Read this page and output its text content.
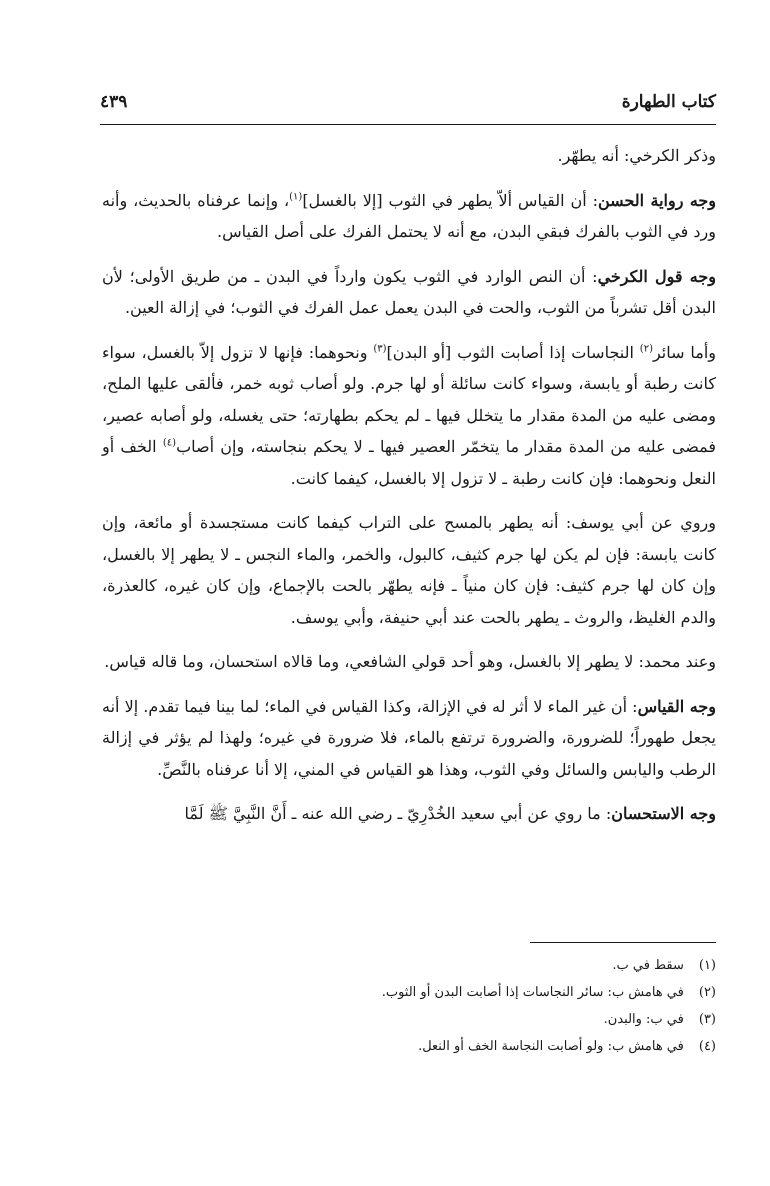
كتاب الطهارة
٤٣٩

وذكر الكرخي: أنه يطهّر.

وجه رواية الحسن: أن القياس ألاّ يطهر في الثوب [إلا بالغسل]$^{(١)}$، وإنما عرفناه بالحديث، وأنه ورد في الثوب بالفرك فبقي البدن، مع أنه لا يحتمل الفرك على أصل القياس.

وجه قول الكرخي: أن النص الوارد في الثوب يكون وارداً في البدن ـ من طريق الأولى؛ لأن البدن أقل تشرباً من الثوب، والحت في البدن يعمل عمل الفرك في الثوب؛ في إزالة العين.

وأما سائر$^{(٢)}$ النجاسات إذا أصابت الثوب [أو البدن]$^{(٣)}$ ونحوهما: فإنها لا تزول إلاّ بالغسل، سواء كانت رطبة أو يابسة، وسواء كانت سائلة أو لها جرم. ولو أصاب ثوبه خمر، فألقى عليها الملح، ومضى عليه من المدة مقدار ما يتخلل فيها ـ لم يحكم بطهارته؛ حتى يغسله، ولو أصابه عصير، فمضى عليه من المدة مقدار ما يتخمّر العصير فيها ـ لا يحكم بنجاسته، وإن أصاب$^{(٤)}$ الخف أو النعل ونحوهما: فإن كانت رطبة ـ لا تزول إلا بالغسل، كيفما كانت.

وروي عن أبي يوسف: أنه يطهر بالمسح على التراب كيفما كانت مستجسدة أو مائعة، وإن كانت يابسة: فإن لم يكن لها جرم كثيف، كالبول، والخمر، والماء النجس ـ لا يطهر إلا بالغسل، وإن كان لها جرم كثيف: فإن كان منياً ـ فإنه يطهّر بالحت بالإجماع، وإن كان غيره، كالعذرة، والدم الغليظ، والروث ـ يطهر بالحت عند أبي حنيفة، وأبي يوسف.

وعند محمد: لا يطهر إلا بالغسل، وهو أحد قولي الشافعي، وما قالاه استحسان، وما قاله قياس.

وجه القياس: أن غير الماء لا أثر له في الإزالة، وكذا القياس في الماء؛ لما بينا فيما تقدم. إلا أنه يجعل طهوراً؛ للضرورة، والضرورة ترتفع بالماء، فلا ضرورة في غيره؛ ولهذا لم يؤثر في إزالة الرطب واليابس والسائل وفي الثوب، وهذا هو القياس في المني، إلا أنا عرفناه بالنَّصِّ.

وجه الاستحسان: ما روي عن أبي سعيد الخُدْرِيّ ـ رضي الله عنه ـ أَنَّ النَّبِيَّ ﷺ لَمَّا

(١) سقط في ب.
(٢) في هامش ب: سائر النجاسات إذا أصابت البدن أو الثوب.
(٣) في ب: والبدن.
(٤) في هامش ب: ولو أصابت النجاسة الخف أو النعل.
